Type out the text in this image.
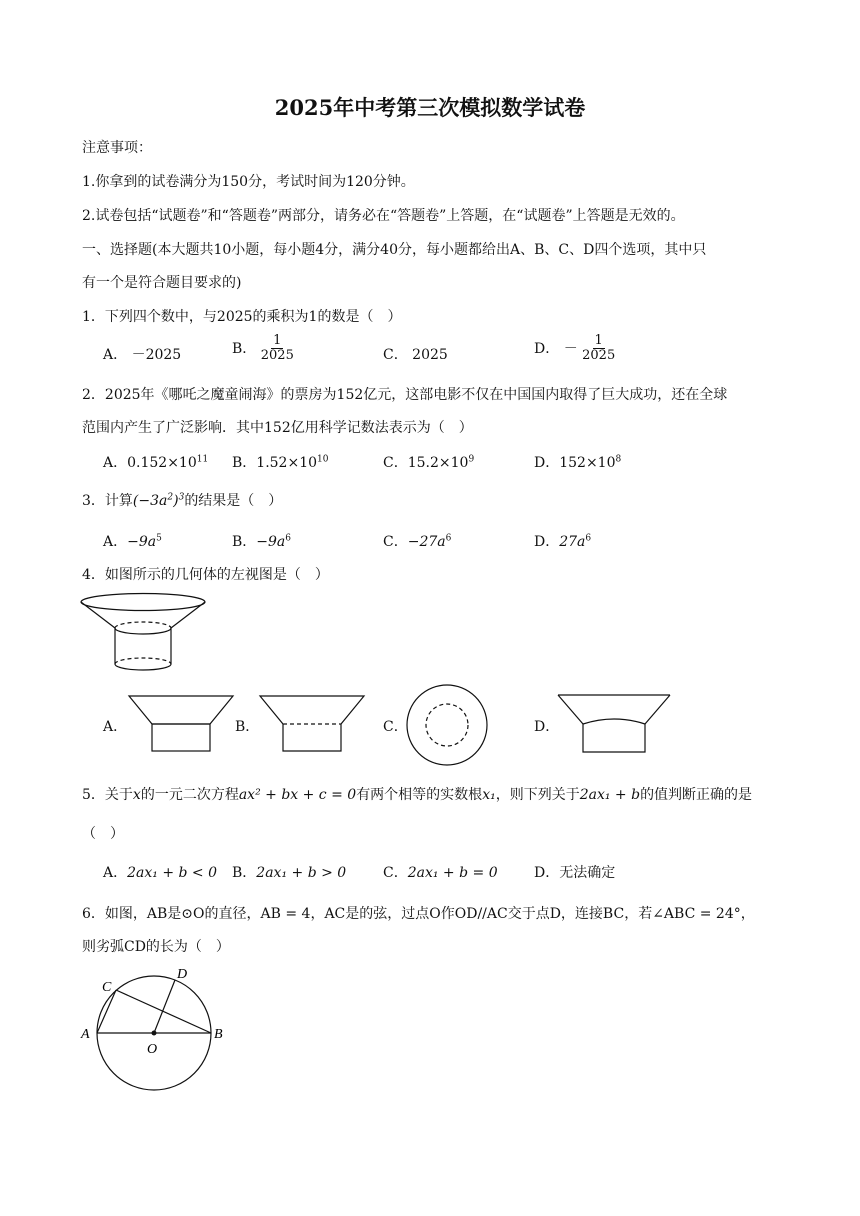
2025年中考第三次模拟数学试卷
注意事项：
1.你拿到的试卷满分为150分，考试时间为120分钟。
2.试卷包括“试题卷”和“答题卷”两部分，请务必在“答题卷”上答题，在“试题卷”上答题是无效的。
一、选择题(本大题共10小题，每小题4分，满分40分，每小题都给出A、B、C、D四个选项，其中只
有一个是符合题目要求的)
1．下列四个数中，与2025的乘积为1的数是（　）
A． －2025	B． $\frac{1}{2025}$	C． 2025	D． － $\frac{1}{2025}$
2．2025年《哪吒之魔童闹海》的票房为152亿元，这部电影不仅在中国国内取得了巨大成功，还在全球
范围内产生了广泛影响．其中152亿用科学记数法表示为（　）
A．$0.152\times 10^{11}$ B．$1.52\times 10^{10}$	C．$15.2\times 10^9$	D．$152\times 10^8$
3．计算$(-3a^2)^3$的结果是（　）
A．$-9a^5$	B．$-9a^6$	C．$-27a^6$	D．$27a^6$
4．如图所示的几何体的左视图是（　）
A．	B．	C．	D．
5．关于x的一元二次方程ax² + bx + c = 0有两个相等的实数根x₁，则下列关于2ax₁ + b的值判断正确的是
（　）
A．2ax₁ + b < 0 B．2ax₁ + b > 0	C．2ax₁ + b = 0	D．无法确定
6．如图，AB是⊙O的直径，AB = 4，AC是的弦，过点O作OD//AC交于点D，连接BC，若∠ABC = 24°，
则劣弧CD的长为（　）
A	B
C
D
O
